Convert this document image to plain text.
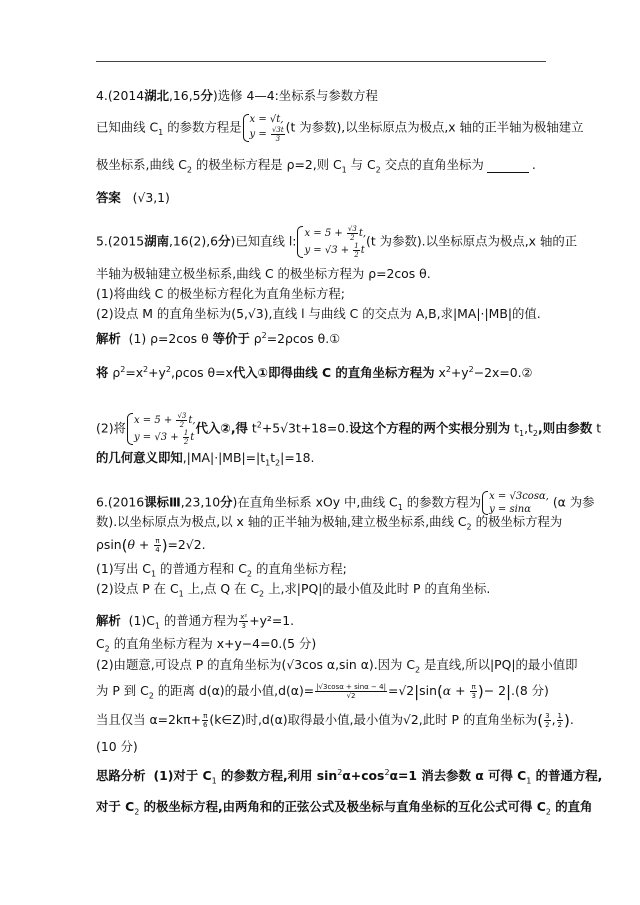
4.(2014湖北,16,5分)选修 4—4:坐标系与参数方程
已知曲线 $C_1$ 的参数方程是 x = √t,
$y = \frac{√3t}{3} (t$ 为参数),以坐标原点为极点,x 轴的正半轴为极轴建立
极坐标系,曲线 $C_2$ 的极坐标方程是 ρ=2,则 $C_1$ 与 $C_2$ 交点的直角坐标为	.
答案 (√3,1)
5.(2015湖南,16(2),6分)已知直线 l: $x = 5 + \frac{√3}{2} t$,
$y = √3 + \frac{1}{2}$ t
(t 为参数).以坐标原点为极点,x 轴的正
半轴为极轴建立极坐标系,曲线 C 的极坐标方程为 ρ=2cos θ.
(1)将曲线 C 的极坐标方程化为直角坐标方程;
(2)设点 M 的直角坐标为(5,√3),直线 l 与曲线 C 的交点为 A,B,求|MA|·|MB|的值.
解析 (1) ρ=2cos θ 等价于 $\rho^2=2\rho\cos$ θ.①
将 $\rho^2=x^2+y^2,\rho\cos$ θ=x代入①即得曲线 C 的直角坐标方程为 $x^2+y^2-2x=0.②$
(2)将 $x = 5 + \frac{√3}{2} t$,
$y = √3 + \frac{1}{2}$ t
代入②,得 $t^2+5√3t+18=0$.设这个方程的两个实根分别为 $t_1,t_2$,则由参数 t
的几何意义即知$,|MA|\cdot|MB|=|t_1t_2|=18$.
6.(2016课标Ⅲ,23,10分)在直角坐标系 xOy 中,曲线 $C_1$ 的参数方程为 x = √3cosα,
y = sinα	(α 为参
数).以坐标原点为极点,以 x 轴的正半轴为极轴,建立极坐标系,曲线 $C_2$ 的极坐标方程为
$\rho\sin(\theta + \frac{\pi}{4} )=2√2$.
(1)写出 $C_1$ 的普通方程和 $C_2$ 的直角坐标方程;
(2)设点 P 在 $C_1$ 上,点 Q 在 $C_2$ 上,求|PQ|的最小值及此时 P 的直角坐标.
解析 $(1)C_1$ 的普通方程为 $\frac{\text{x²}}{3} +y^2=1$.
$C_2$ 的直角坐标方程为 x+y−4=0.(5 分)
(2)由题意,可设点 P 的直角坐标为(√3cos α,sin α).因为 $C_2$ 是直线,所以|PQ|的最小值即
为 P 到 $C_2$ 的距离 d(α)的最小值$,d(\alpha)= \frac{|√3\cos\alpha + \sin\alpha - 4|}{√2} =√2|\sin(\alpha + \frac{\pi}{3}$ )− 2|.(8 分)
当且仅当 $\alpha=2k\pi+ \frac{\pi}{6}$ (k∈Z)时,d(α)取得最小值,最小值为√2,此时 P 的直角坐标为( $\frac{3}{2}$ , $\frac{1}{2}$ ).
(10 分)
思路分析 (1)对于 $C_1$ 的参数方程,利用 $\sin^2\alpha+\cos^2\alpha=1$ 消去参数 α 可得 $C_1$ 的普通方程,
对于 $C_2$ 的极坐标方程,由两角和的正弦公式及极坐标与直角坐标的互化公式可得 $C_2$ 的直角
